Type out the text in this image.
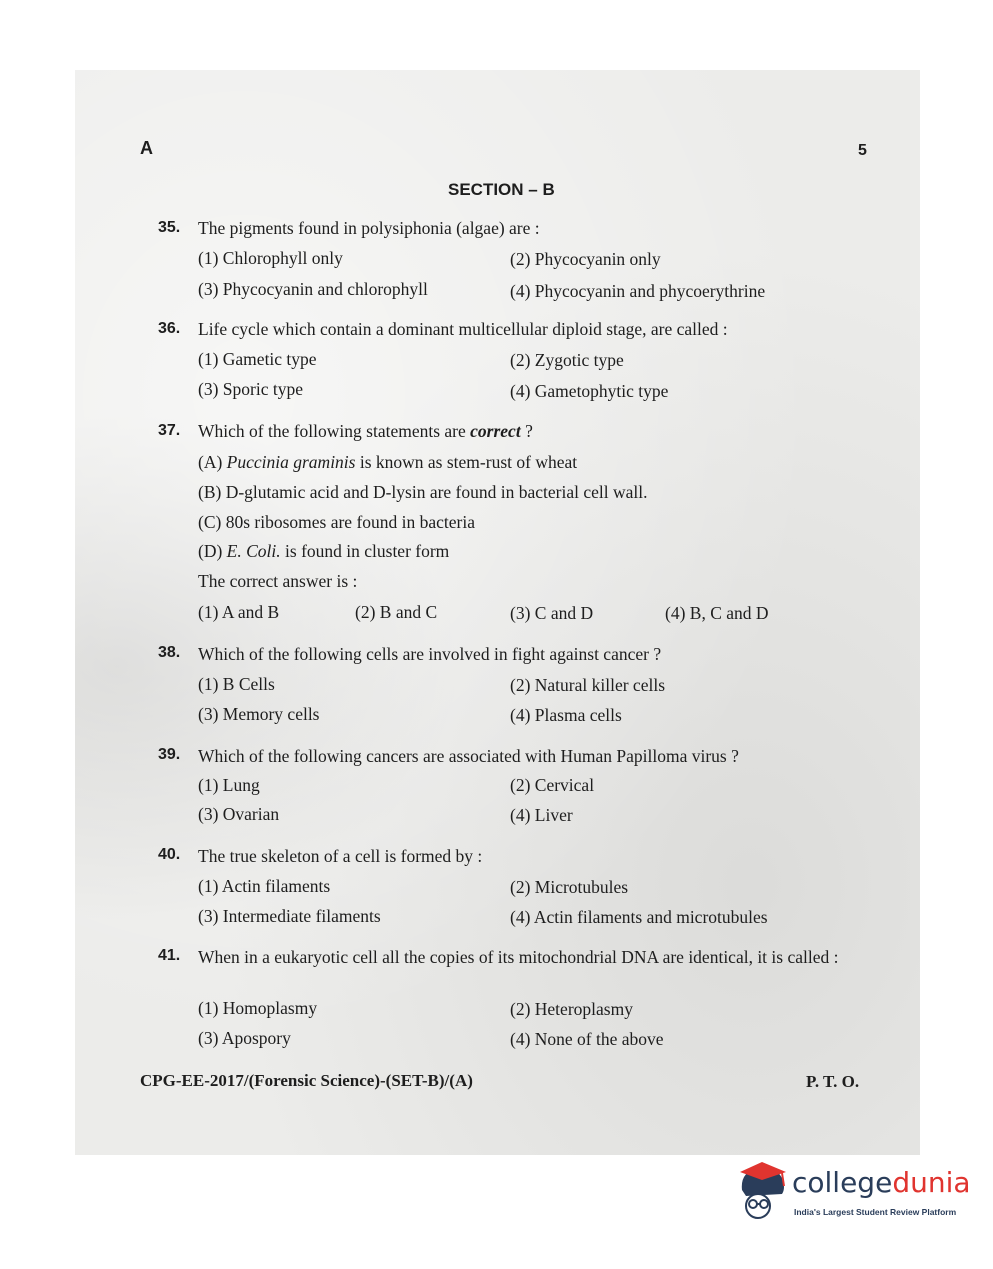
A	5
SECTION – B
35. The pigments found in polysiphonia (algae) are :
(1) Chlorophyll only	(2) Phycocyanin only
(3) Phycocyanin and chlorophyll	(4) Phycocyanin and phycoerythrine
36. Life cycle which contain a dominant multicellular diploid stage, are called :
(1) Gametic type	(2) Zygotic type
(3) Sporic type	(4) Gametophytic type
37. Which of the following statements are correct ?
(A) Puccinia graminis is known as stem-rust of wheat
(B) D-glutamic acid and D-lysin are found in bacterial cell wall.
(C) 80s ribosomes are found in bacteria
(D) E. Coli. is found in cluster form
The correct answer is :
(1) A and B	(2) B and C	(3) C and D	(4) B, C and D
38. Which of the following cells are involved in fight against cancer ?
(1) B Cells	(2) Natural killer cells
(3) Memory cells	(4) Plasma cells
39. Which of the following cancers are associated with Human Papilloma virus ?
(1) Lung	(2) Cervical
(3) Ovarian	(4) Liver
40. The true skeleton of a cell is formed by :
(1) Actin filaments	(2) Microtubules
(3) Intermediate filaments	(4) Actin filaments and microtubules
41. When in a eukaryotic cell all the copies of its mitochondrial DNA are identical, it is called :
(1) Homoplasmy	(2) Heteroplasmy
(3) Apospory	(4) None of the above
CPG-EE-2017/(Forensic Science)-(SET-B)/(A)	P. T. O.
collegedunia
India's Largest Student Review Platform
